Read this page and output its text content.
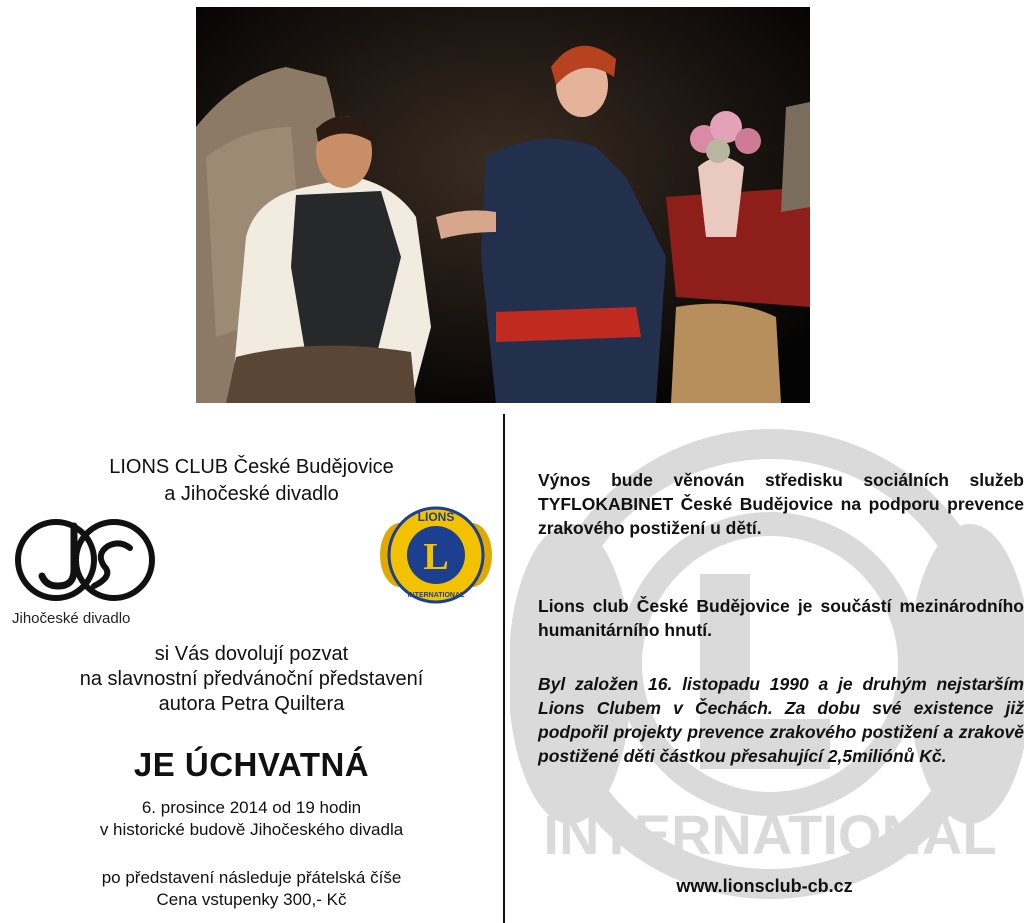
LIONS CLUB České Budějovice
a Jihočeské divadlo
Jihočeské divadlo
L
LIONS
INTERNATIONAL
si Vás dovolují pozvat
na slavnostní předvánoční představení
autora Petra Quiltera
JE ÚCHVATNÁ
6. prosince 2014 od 19 hodin
v historické budově Jihočeského divadla
po představení následuje přátelská číše
Cena vstupenky 300,- Kč
INTERNATIONAL
Výnos bude věnován středisku sociálních služeb TYFLOKABINET České Budějovice na podporu prevence zrakového postižení u dětí.
Lions club České Budějovice je součástí mezinárodního humanitárního hnutí.
Byl založen 16. listopadu 1990 a je druhým nejstarším Lions Clubem v Čechách. Za dobu své existence již podpořil projekty prevence zrakového postižení a zrakově postižené děti částkou přesahující 2,5miliónů Kč.
www.lionsclub-cb.cz
